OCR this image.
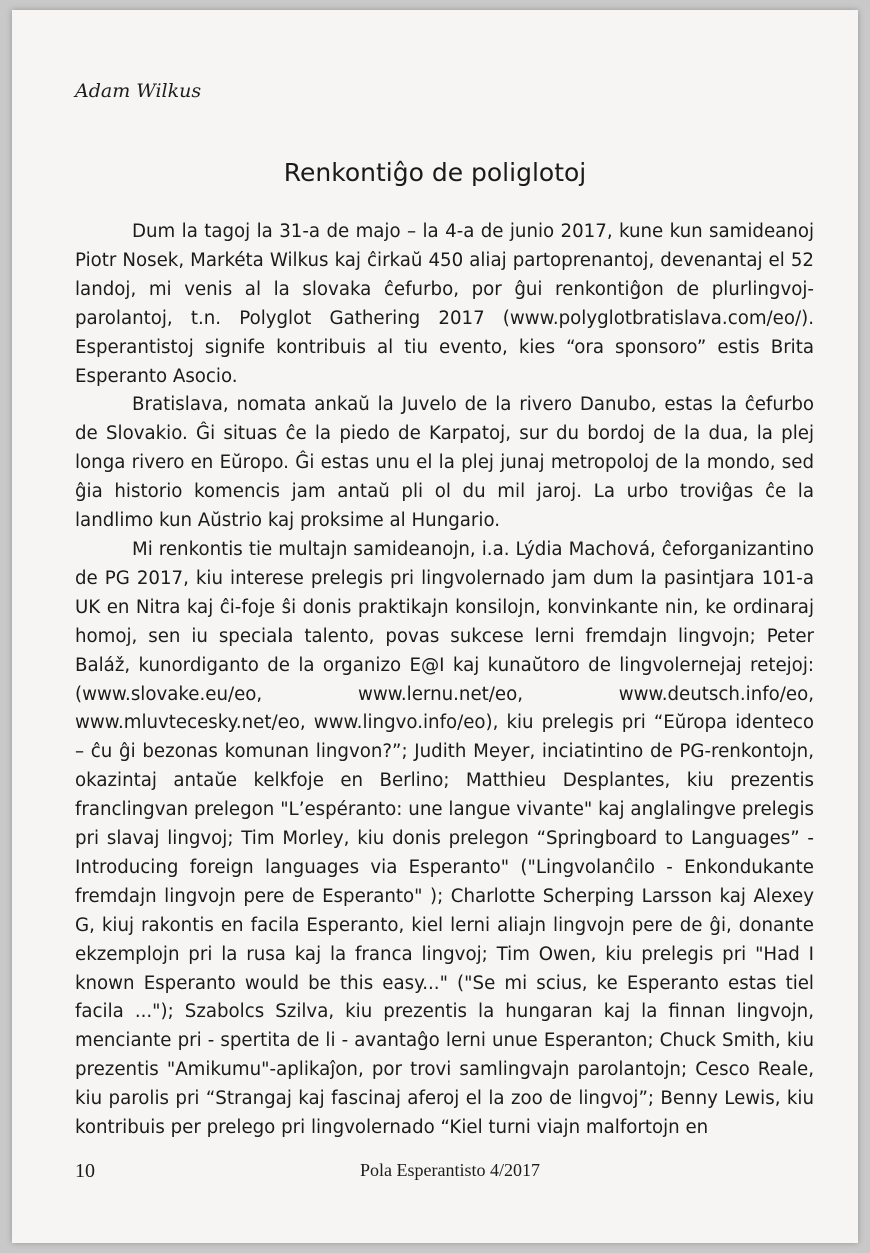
Adam Wilkus
Renkontiĝo de poliglotoj

Dum la tagoj la 31-a de majo – la 4-a de junio 2017, kune kun samideanoj Piotr Nosek, Markéta Wilkus kaj ĉirkaŭ 450 aliaj partoprenantoj, devenantaj el 52 landoj, mi venis al la slovaka ĉefurbo, por ĝui renkontiĝon de plurlingvoj-parolantoj, t.n. Polyglot Gathering 2017 (www.polyglotbratislava.com/eo/). Esperantistoj signife kontribuis al tiu evento, kies “ora sponsoro” estis Brita Esperanto Asocio.

Bratislava, nomata ankaŭ la Juvelo de la rivero Danubo, estas la ĉefurbo de Slovakio. Ĝi situas ĉe la piedo de Karpatoj, sur du bordoj de la dua, la plej longa rivero en Eŭropo. Ĝi estas unu el la plej junaj metropoloj de la mondo, sed ĝia historio komencis jam antaŭ pli ol du mil jaroj. La urbo troviĝas ĉe la landlimo kun Aŭstrio kaj proksime al Hungario.

Mi renkontis tie multajn samideanojn, i.a. Lýdia Machová, ĉeforganizantino de PG 2017, kiu interese prelegis pri lingvolernado jam dum la pasintjara 101-a UK en Nitra kaj ĉi-foje ŝi donis praktikajn konsilojn, konvinkante nin, ke ordinaraj homoj, sen iu speciala talento, povas sukcese lerni fremdajn lingvojn; Peter Baláž, kunordiganto de la organizo E@I kaj kunaŭtoro de lingvolernejaj retejoj: (www.slovake.eu/eo, www.lernu.net/eo, www.deutsch.info/eo, www.mluvtecesky.net/eo, www.lingvo.info/eo), kiu prelegis pri “Eŭropa identeco – ĉu ĝi bezonas komunan lingvon?”; Judith Meyer, inciatintino de PG-renkontojn, okazintaj antaŭe kelkfoje en Berlino; Matthieu Desplantes, kiu prezentis franclingvan prelegon "L’espéranto: une langue vivante" kaj anglalingve prelegis pri slavaj lingvoj; Tim Morley, kiu donis prelegon “Springboard to Languages” - Introducing foreign languages via Esperanto" ("Lingvolanĉilo - Enkondukante fremdajn lingvojn pere de Esperanto" ); Charlotte Scherping Larsson kaj Alexey G, kiuj rakontis en facila Esperanto, kiel lerni aliajn lingvojn pere de ĝi, donante ekzemplojn pri la rusa kaj la franca lingvoj; Tim Owen, kiu prelegis pri "Had I known Esperanto would be this easy..." ("Se mi scius, ke Esperanto estas tiel facila ..."); Szabolcs Szilva, kiu prezentis la hungaran kaj la finnan lingvojn, menciante pri - spertita de li - avantaĝo lerni unue Esperanton; Chuck Smith, kiu prezentis "Amikumu"-aplikaĵon, por trovi samlingvajn parolantojn; Cesco Reale, kiu parolis pri “Strangaj kaj fascinaj aferoj el la zoo de lingvoj”; Benny Lewis, kiu kontribuis per prelego pri lingvolernado “Kiel turni viajn malfortojn en

10	Pola Esperantisto 4/2017
